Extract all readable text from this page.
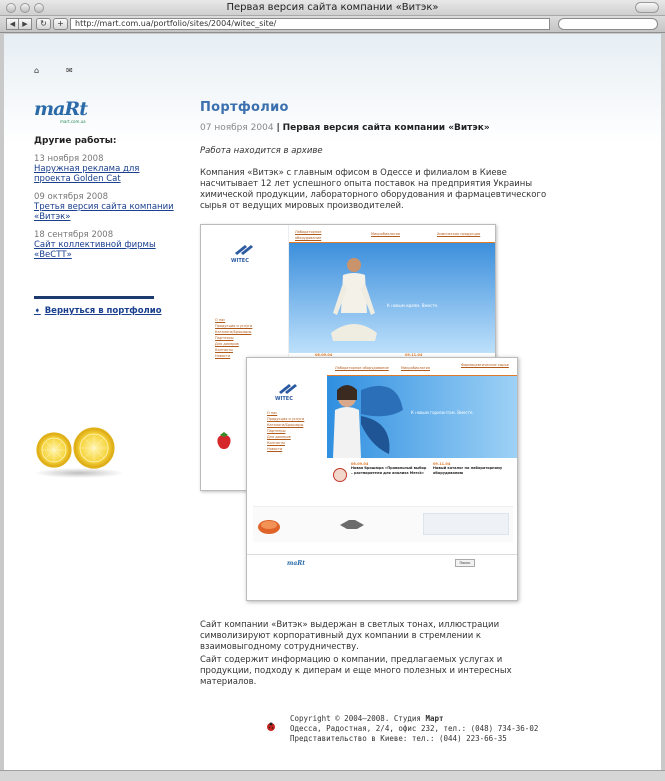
Первая версия сайта компании «Витэк»
◀	▶	↻	+	http://mart.com.ua/portfolio/sites/2004/witec_site/
⌂	✉
maRt
mart.com.ua
Другие работы:
13 ноября 2008
Наружная реклама для проекта Golden Cat
09 октября 2008
Третья версия сайта компании «Витэк»
18 сентября 2008
Сайт коллективной фирмы «ВеСТТ»
➧ Вернуться в портфолио
Портфолио
07 ноября 2004 | Первая версия сайта компании «Витэк»
Работа находится в архиве
Компания «Витэк» с главным офисом в Одессе и филиалом в Киеве насчитывает 12 лет успешного опыта поставок на предприятия Украины химической продукции, лабораторного оборудования и фармацевтического сырья от ведущих мировых производителей.
WITEC
О нас
Продукция и услуги
Каталоги/Брошюры
Партнеры
Для дилеров
Контакты
Новости
Лабораторное оборудование
Микробиология	Химическая продукция
К новым идеям. Вместе.
06.09.04	09.11.04
WITEC
О нас
Продукция и услуги
Каталоги/Брошюры
Партнеры
Для дилеров
Контакты
Новости
Лабораторное оборудование	Микробиология
Фармацевтическое сырье
К новым горизонтам. Вместе.
06.09.04
Новая брошюра «Правильный выбор – растворители для анализа Merck»
09.11.04
Новый каталог по лабораторному оборудованию
maRt	Поиск
Сайт компании «Витэк» выдержан в светлых тонах, иллюстрации символизируют корпоративный дух компании в стремлении к взаимовыгодному сотрудничеству.
Сайт содержит информацию о компании, предлагаемых услугах и продукции, подходу к диперам и еще много полезных и интересных материалов.
Copyright © 2004–2008. Студия Март
Одесса, Радостная, 2/4, офис 232, тел.: (048) 734-36-02
Представительство в Киеве: тел.: (044) 223-66-35
